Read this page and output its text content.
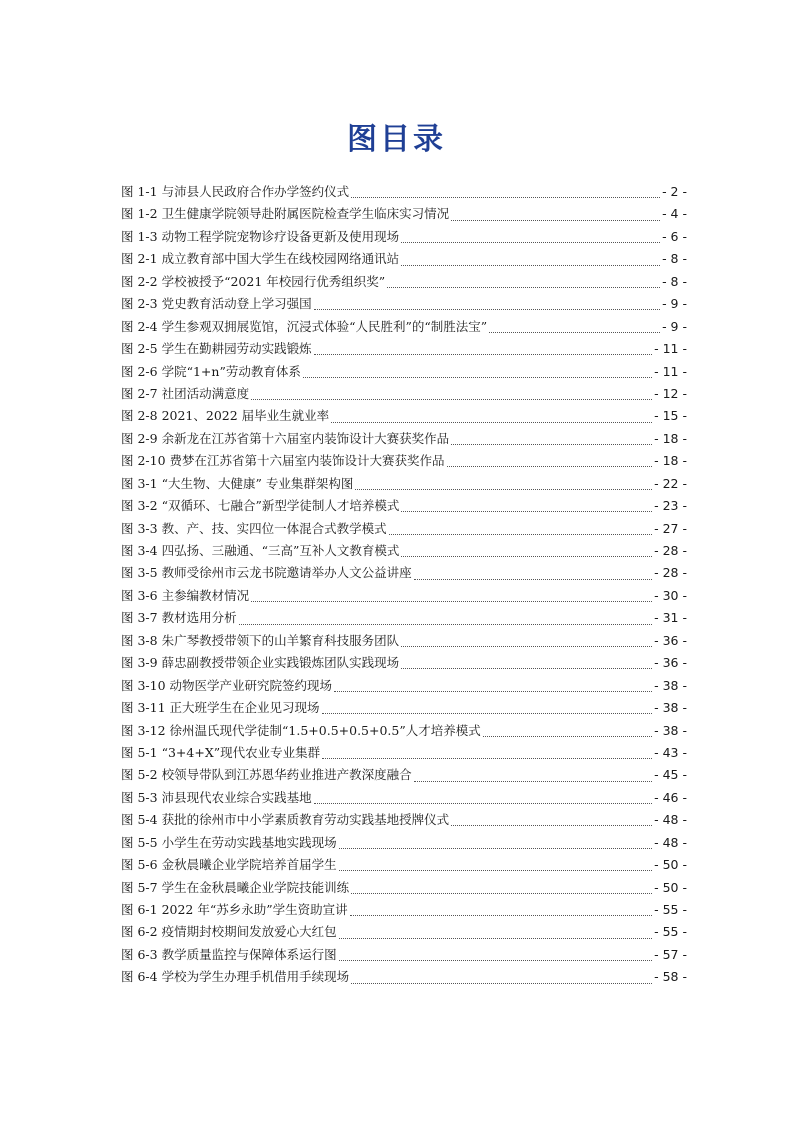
图目录
图 1-1 与沛县人民政府合作办学签约仪式	- 2 -
图 1-2 卫生健康学院领导赴附属医院检查学生临床实习情况	- 4 -
图 1-3 动物工程学院宠物诊疗设备更新及使用现场	- 6 -
图 2-1 成立教育部中国大学生在线校园网络通讯站	- 8 -
图 2-2 学校被授予“2021 年校园行优秀组织奖”	- 8 -
图 2-3 党史教育活动登上学习强国	- 9 -
图 2-4 学生参观双拥展览馆，沉浸式体验“人民胜利”的“制胜法宝”	- 9 -
图 2-5 学生在勤耕园劳动实践锻炼	- 11 -
图 2-6 学院“1+n”劳动教育体系	- 11 -
图 2-7 社团活动满意度	- 12 -
图 2-8 2021、2022 届毕业生就业率	- 15 -
图 2-9 余新龙在江苏省第十六届室内装饰设计大赛获奖作品	- 18 -
图 2-10 费梦在江苏省第十六届室内装饰设计大赛获奖作品	- 18 -
图 3-1 “大生物、大健康” 专业集群架构图	- 22 -
图 3-2 “双循环、七融合”新型学徒制人才培养模式	- 23 -
图 3-3 教、产、技、实四位一体混合式教学模式	- 27 -
图 3-4 四弘扬、三融通、“三高”互补人文教育模式	- 28 -
图 3-5 教师受徐州市云龙书院邀请举办人文公益讲座	- 28 -
图 3-6 主参编教材情况	- 30 -
图 3-7 教材选用分析	- 31 -
图 3-8 朱广琴教授带领下的山羊繁育科技服务团队	- 36 -
图 3-9 薛忠副教授带领企业实践锻炼团队实践现场	- 36 -
图 3-10 动物医学产业研究院签约现场	- 38 -
图 3-11 正大班学生在企业见习现场	- 38 -
图 3-12 徐州温氏现代学徒制“1.5+0.5+0.5+0.5”人才培养模式	- 38 -
图 5-1 “3+4+X”现代农业专业集群	- 43 -
图 5-2 校领导带队到江苏恩华药业推进产教深度融合	- 45 -
图 5-3 沛县现代农业综合实践基地	- 46 -
图 5-4 获批的徐州市中小学素质教育劳动实践基地授牌仪式	- 48 -
图 5-5 小学生在劳动实践基地实践现场	- 48 -
图 5-6 金秋晨曦企业学院培养首届学生	- 50 -
图 5-7 学生在金秋晨曦企业学院技能训练	- 50 -
图 6-1 2022 年“苏乡永助”学生资助宣讲	- 55 -
图 6-2 疫情期封校期间发放爱心大红包	- 55 -
图 6-3 教学质量监控与保障体系运行图	- 57 -
图 6-4 学校为学生办理手机借用手续现场	- 58 -
